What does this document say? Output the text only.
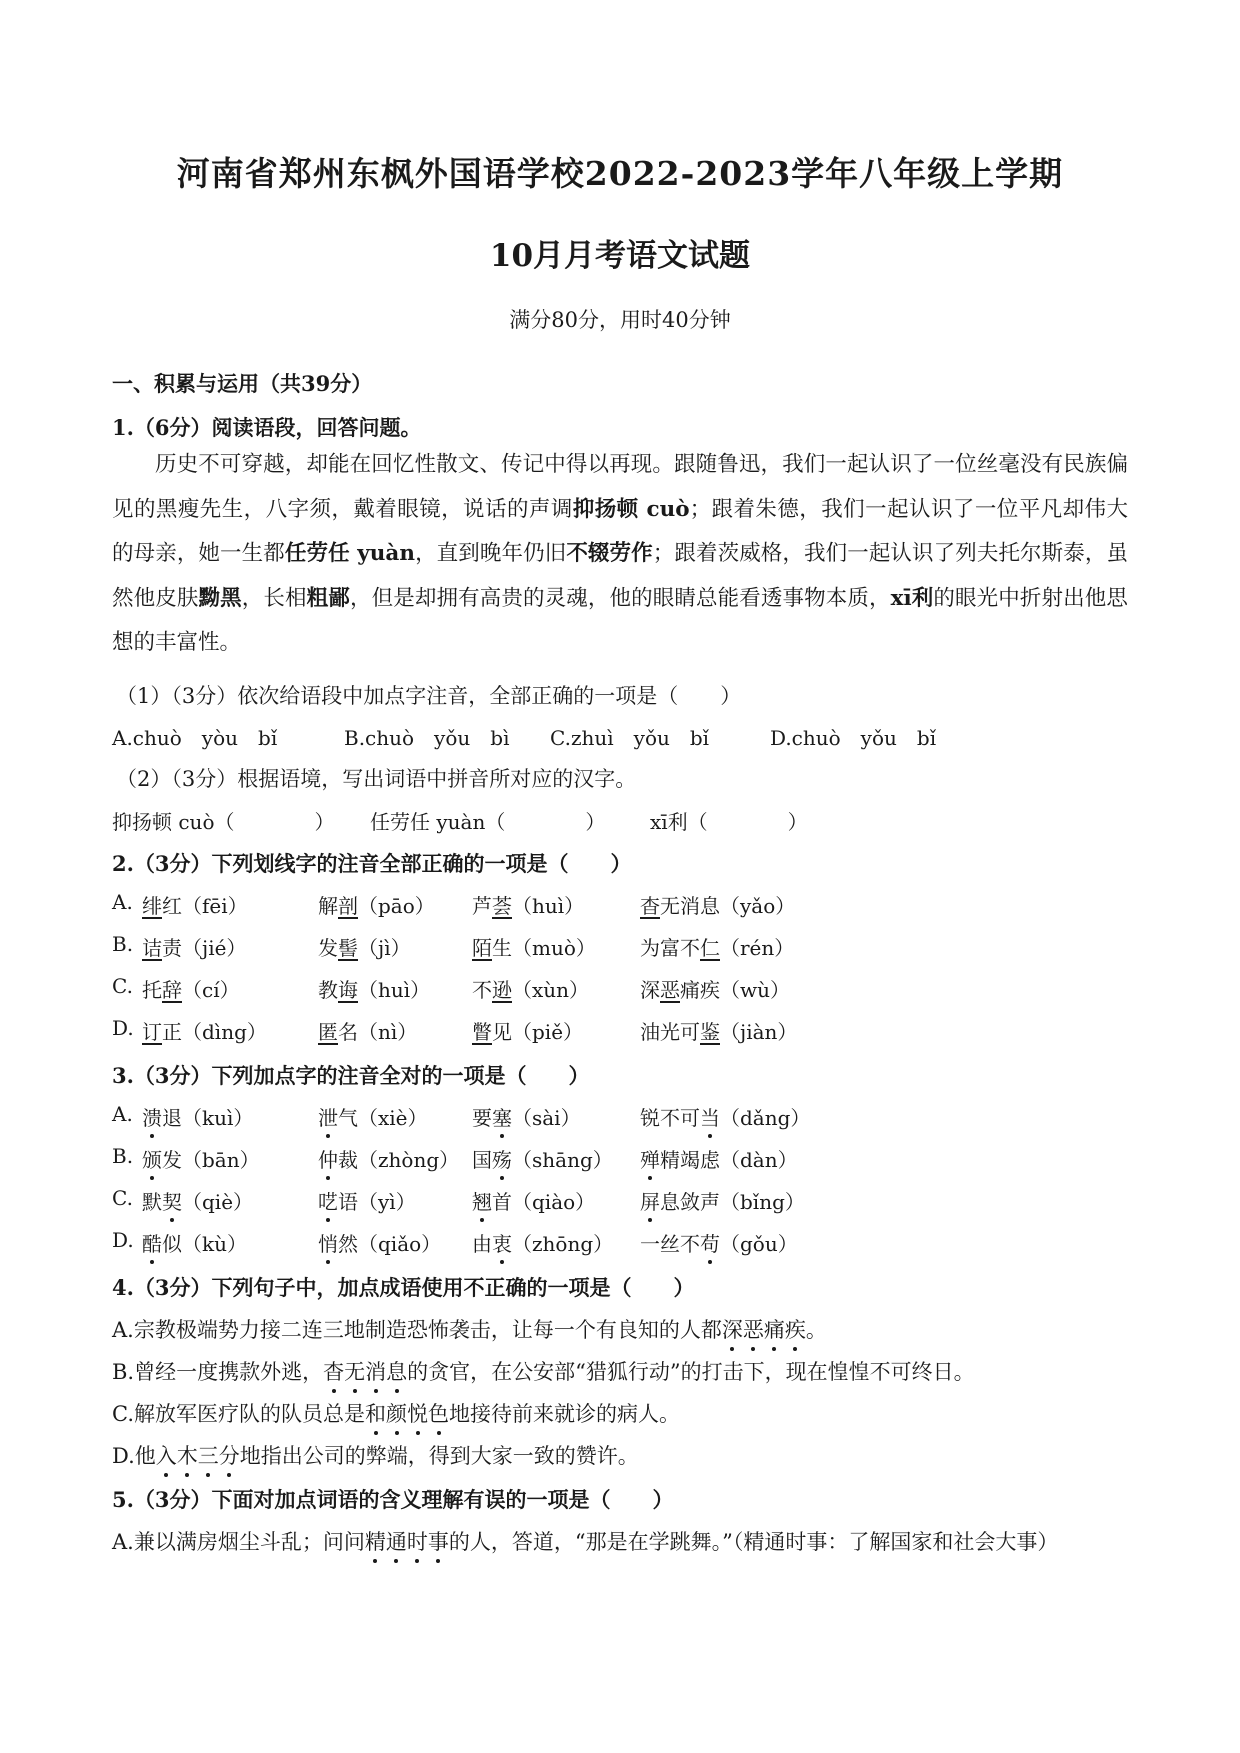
河南省郑州东枫外国语学校2022-2023学年八年级上学期
10月月考语文试题
满分80分，用时40分钟
一、积累与运用（共39分）
1.（6分）阅读语段，回答问题。
历史不可穿越，却能在回忆性散文、传记中得以再现。跟随鲁迅，我们一起认识了一位丝毫没有民族偏见的黑瘦先生，八字须，戴着眼镜，说话的声调抑扬顿 cuò；跟着朱德，我们一起认识了一位平凡却伟大的母亲，她一生都任劳任 yuàn，直到晚年仍旧不辍劳作；跟着茨威格，我们一起认识了列夫托尔斯泰，虽然他皮肤黝黑，长相粗鄙，但是却拥有高贵的灵魂，他的眼睛总能看透事物本质，xī利的眼光中折射出他思想的丰富性。
（1）（3分）依次给语段中加点字注音，全部正确的一项是（　　）
A.chuò　yòu　bǐ	B.chuò　yǒu　bì C.zhuì　yǒu　bǐ	D.chuò　yǒu　bǐ
（2）（3分）根据语境，写出词语中拼音所对应的汉字。
抑扬顿 cuò（　　　　） 任劳任 yuàn（　　　　） xī利（　　　　）
2.（3分）下列划线字的注音全部正确的一项是（　　）
A. 绯红（fēi）	解剖（pāo） 芦荟（huì）	杳无消息（yǎo）
B. 诘责（jié）	发髻（jì）	陌生（muò） 为富不仁（rén）
C. 托辞（cí）	教诲（huì） 不逊（xùn）	深恶痛疾（wù）
D. 订正（dìng）	匿名（nì）	瞥见（piě）	油光可鉴（jiàn）
3.（3分）下列加点字的注音全对的一项是（　　）
A. 溃退（kuì）	泄气（xiè） 要塞（sài）	锐不可当（dǎng）
B. 颁发（bān）	仲裁（zhòng） 国殇（shāng） 殚精竭虑（dàn）
C. 默契（qiè）	呓语（yì）	翘首（qiào） 屏息敛声（bǐng）
D. 酷似（kù）	悄然（qiǎo） 由衷（zhōng） 一丝不苟（gǒu）
4.（3分）下列句子中，加点成语使用不正确的一项是（　　）
A.宗教极端势力接二连三地制造恐怖袭击，让每一个有良知的人都深恶痛疾。
B.曾经一度携款外逃，杳无消息的贪官，在公安部“猎狐行动”的打击下，现在惶惶不可终日。
C.解放军医疗队的队员总是和颜悦色地接待前来就诊的病人。
D.他入木三分地指出公司的弊端，得到大家一致的赞许。
5.（3分）下面对加点词语的含义理解有误的一项是（　　）
A.兼以满房烟尘斗乱；问问精通时事的人，答道，“那是在学跳舞。”（精通时事：了解国家和社会大事）
